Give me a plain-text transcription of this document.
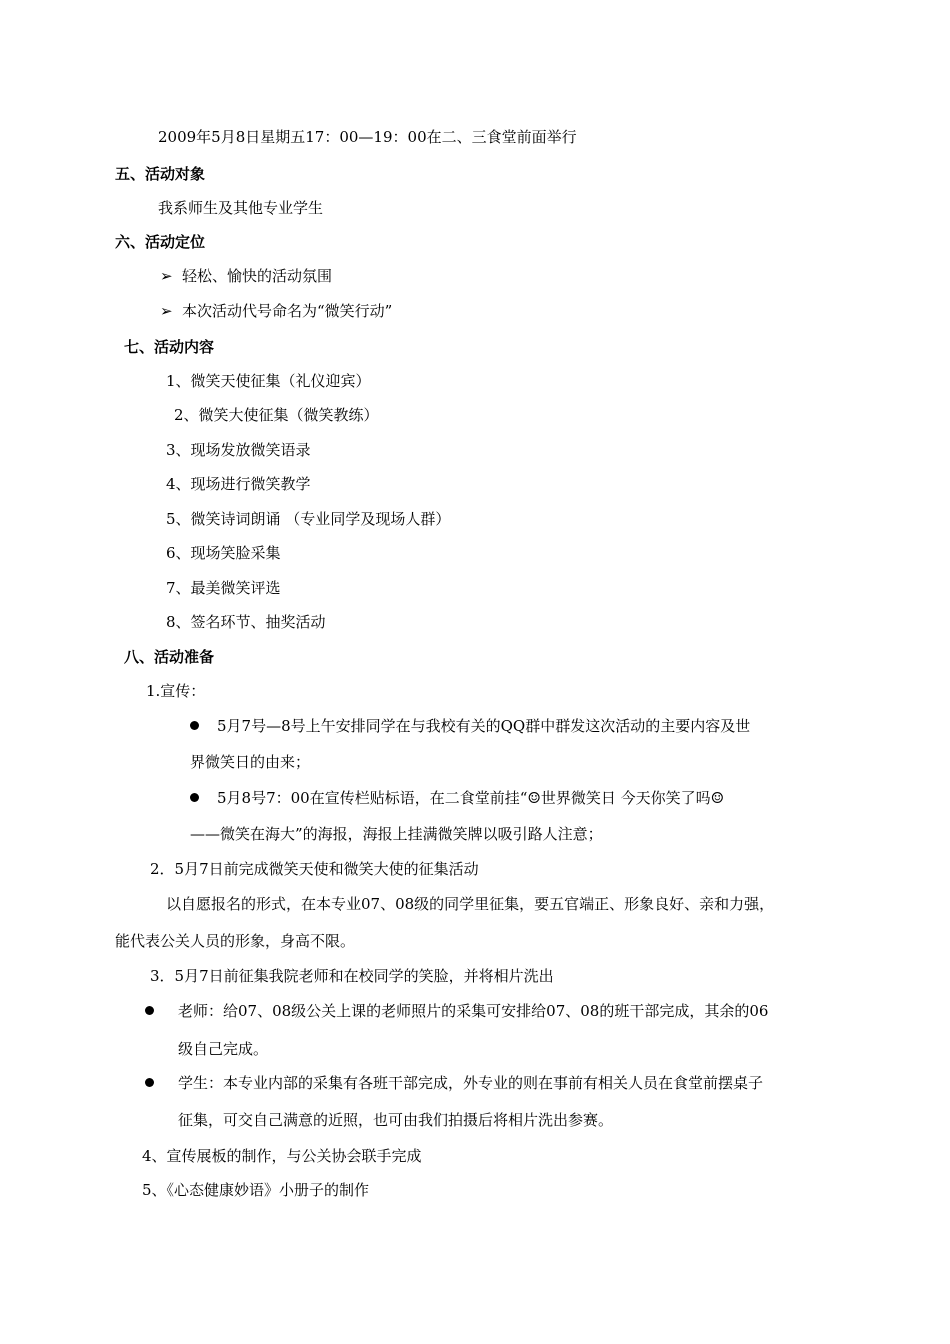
2009年5月8日星期五17：00—19：00在二、三食堂前面举行
五、活动对象
我系师生及其他专业学生
六、活动定位
➢ 轻松、愉快的活动氛围
➢ 本次活动代号命名为“微笑行动”
七、活动内容
1、微笑天使征集（礼仪迎宾）
2、微笑大使征集（微笑教练）
3、现场发放微笑语录
4、现场进行微笑教学
5、微笑诗词朗诵 （专业同学及现场人群）
6、现场笑脸采集
7、最美微笑评选
8、签名环节、抽奖活动
八、活动准备
1.宣传：
5月7号—8号上午安排同学在与我校有关的QQ群中群发这次活动的主要内容及世
界微笑日的由来；
5月8号7：00在宣传栏贴标语，在二食堂前挂“☺世界微笑日 今天你笑了吗☺
——微笑在海大”的海报，海报上挂满微笑牌以吸引路人注意；
2．5月7日前完成微笑天使和微笑大使的征集活动
以自愿报名的形式，在本专业07、08级的同学里征集，要五官端正、形象良好、亲和力强，
能代表公关人员的形象，身高不限。
3．5月7日前征集我院老师和在校同学的笑脸，并将相片洗出
老师：给07、08级公关上课的老师照片的采集可安排给07、08的班干部完成，其余的06
级自己完成。
学生：本专业内部的采集有各班干部完成，外专业的则在事前有相关人员在食堂前摆桌子
征集，可交自己满意的近照，也可由我们拍摄后将相片洗出参赛。
4、宣传展板的制作，与公关协会联手完成
5、《心态健康妙语》小册子的制作
